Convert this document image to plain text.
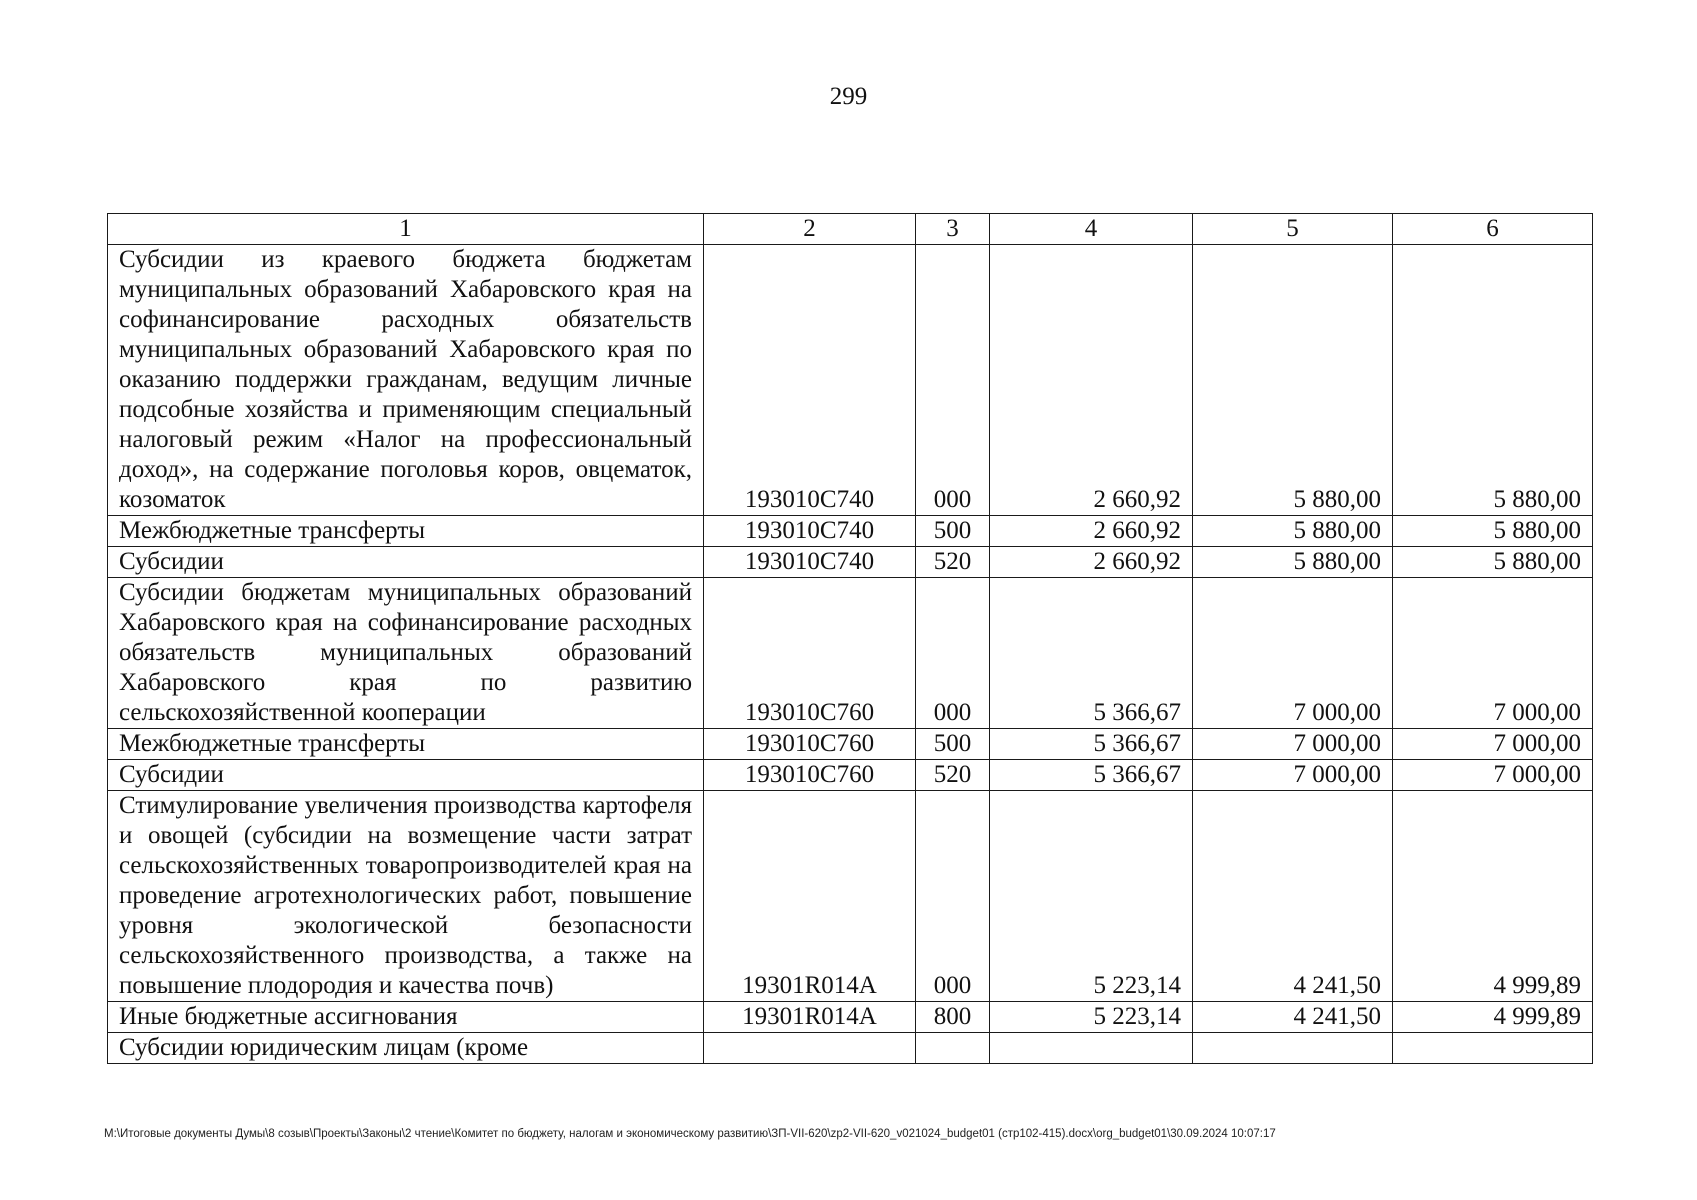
299
1	2	3	4	5	6
Субсидии из краевого бюджета бюджетам муниципальных образований Хабаровского края на софинансирование расходных обязательств муниципальных образований Хабаровского края по оказанию поддержки гражданам, ведущим личные подсобные хозяйства и применяющим специальный налоговый режим «Налог на профессиональный доход», на содержание поголовья коров, овцематок, козоматок	193010С740	000	2 660,92	5 880,00	5 880,00
Межбюджетные трансферты	193010С740	500	2 660,92	5 880,00	5 880,00
Субсидии	193010С740	520	2 660,92	5 880,00	5 880,00
Субсидии бюджетам муниципальных образований Хабаровского края на софинансирование расходных обязательств муниципальных образований Хабаровского края по развитию сельскохозяйственной кооперации	193010С760	000	5 366,67	7 000,00	7 000,00
Межбюджетные трансферты	193010С760	500	5 366,67	7 000,00	7 000,00
Субсидии	193010С760	520	5 366,67	7 000,00	7 000,00
Стимулирование увеличения производства картофеля и овощей (субсидии на возмещение части затрат сельскохозяйственных товаропроизводителей края на проведение агротехнологических работ, повышение уровня экологической безопасности сельскохозяйственного производства, а также на повышение плодородия и качества почв)	19301R014A	000	5 223,14	4 241,50	4 999,89
Иные бюджетные ассигнования	19301R014A	800	5 223,14	4 241,50	4 999,89
Субсидии юридическим лицам (кроме					
M:\Итоговые документы Думы\8 созыв\Проекты\Законы\2 чтение\Комитет по бюджету, налогам и экономическому развитию\ЗП-VII-620\zp2-VII-620_v021024_budget01 (стр102-415).docx\org_budget01\30.09.2024 10:07:17
